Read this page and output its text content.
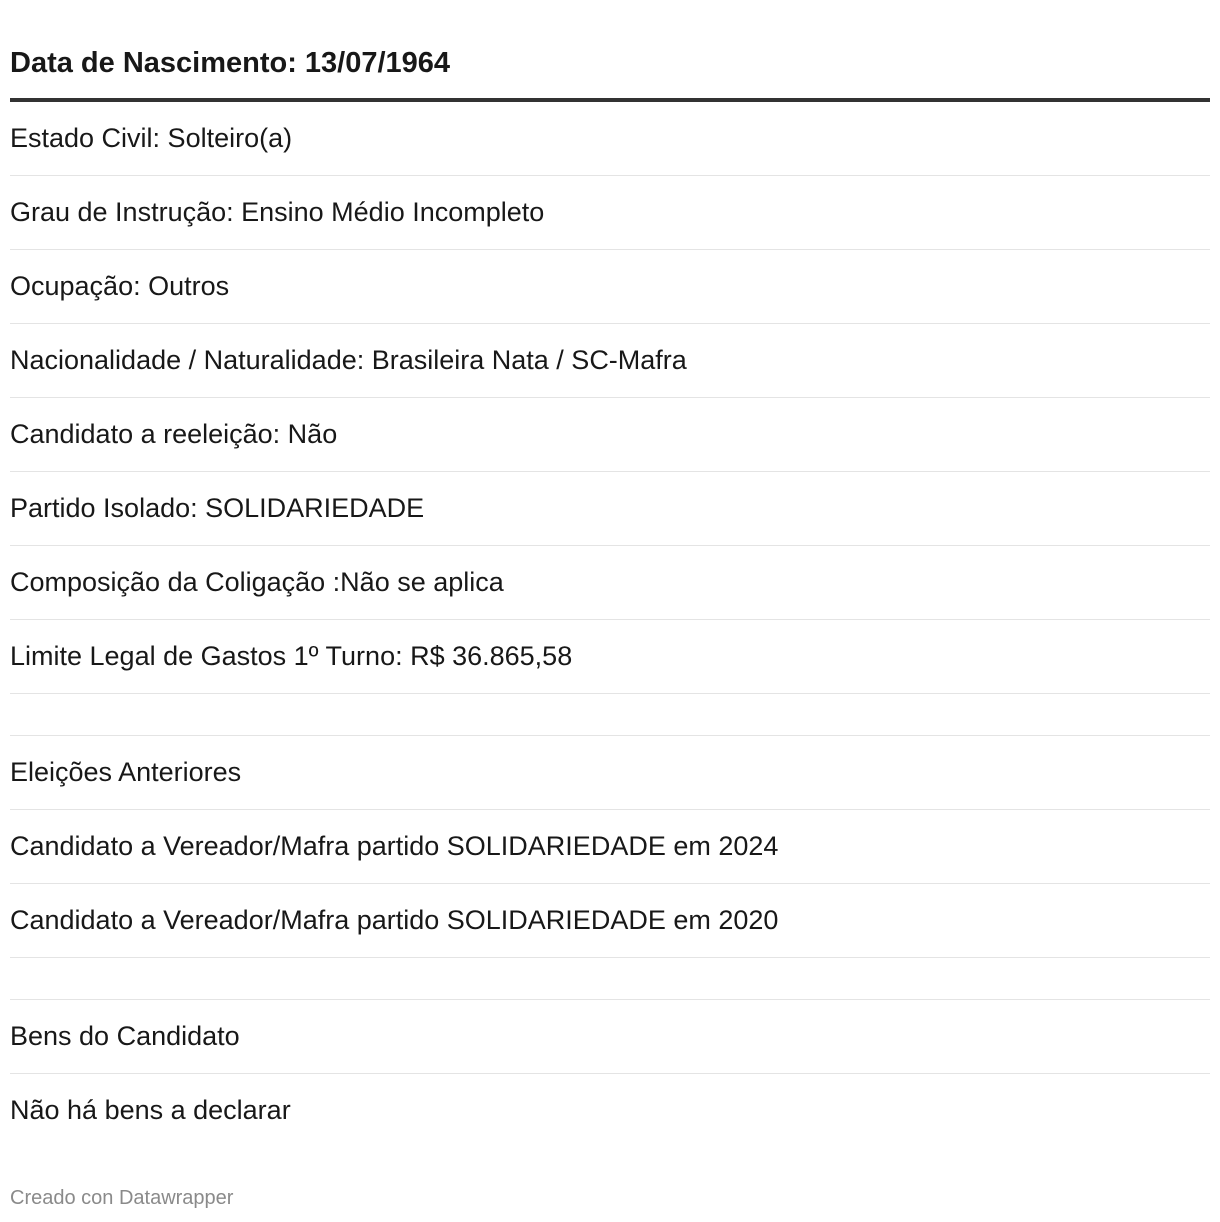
Data de Nascimento: 13/07/1964
Estado Civil: Solteiro(a)
Grau de Instrução: Ensino Médio Incompleto
Ocupação: Outros
Nacionalidade / Naturalidade: Brasileira Nata / SC-Mafra
Candidato a reeleição: Não
Partido Isolado: SOLIDARIEDADE
Composição da Coligação :Não se aplica
Limite Legal de Gastos 1º Turno: R$ 36.865,58
Eleições Anteriores
Candidato a Vereador/Mafra partido SOLIDARIEDADE em 2024
Candidato a Vereador/Mafra partido SOLIDARIEDADE em 2020
Bens do Candidato
Não há bens a declarar
Creado con Datawrapper
